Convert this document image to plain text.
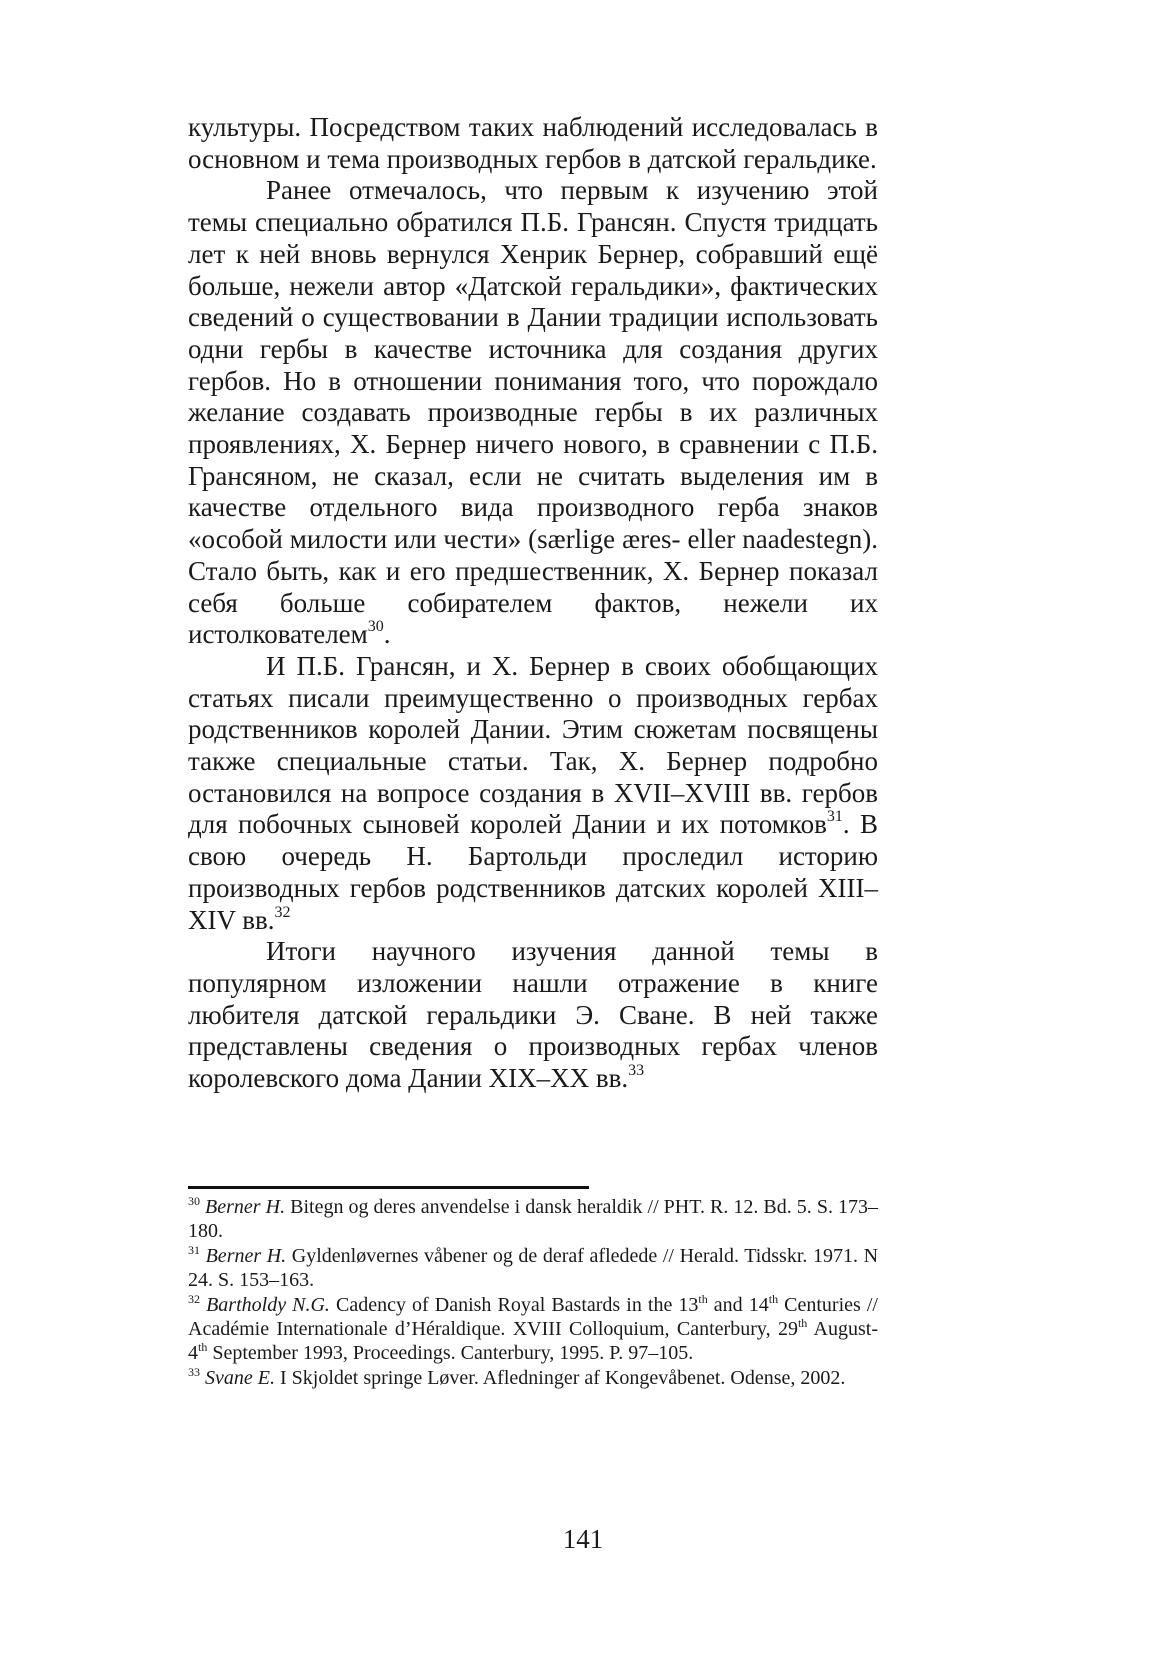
культуры. Посредством таких наблюдений исследовалась в основном и тема производных гербов в датской геральдике.

Ранее отмечалось, что первым к изучению этой темы специально обратился П.Б. Грансян. Спустя тридцать лет к ней вновь вернулся Хенрик Бернер, собравший ещё больше, нежели автор «Датской геральдики», фактических сведений о существовании в Дании традиции использовать одни гербы в качестве источника для создания других гербов. Но в отношении понимания того, что порождало желание создавать производные гербы в их различных проявлениях, Х. Бернер ничего нового, в сравнении с П.Б. Грансяном, не сказал, если не считать выделения им в качестве отдельного вида производного герба знаков «особой милости или чести» (særlige æres- eller naadestegn). Стало быть, как и его предшественник, Х. Бернер показал себя больше собирателем фактов, нежели их истолкователем$^{30}$.

И П.Б. Грансян, и Х. Бернер в своих обобщающих статьях писали преимущественно о производных гербах родственников королей Дании. Этим сюжетам посвящены также специальные статьи. Так, Х. Бернер подробно остановился на вопросе создания в XVII–XVIII вв. гербов для побочных сыновей королей Дании и их потомков$^{31}$. В свою очередь Н. Бартольди проследил историю производных гербов родственников датских королей XIII–XIV вв.$^{32}$

Итоги научного изучения данной темы в популярном изложении нашли отражение в книге любителя датской геральдики Э. Сване. В ней также представлены сведения о производных гербах членов королевского дома Дании XIX–XX вв.$^{33}$

$^{30}$ Berner H. Bitegn og deres anvendelse i dansk heraldik // PHT. R. 12. Bd. 5. S. 173–180.

$^{31}$ Berner H. Gyldenløvernes våbener og de deraf afledede // Herald. Tidsskr. 1971. N 24. S. 153–163.

$^{32}$ Bartholdy N.G. Cadency of Danish Royal Bastards in the 13th and 14th Centuries // Académie Internationale d’Héraldique. XVIII Colloquium, Canterbury, 29th August-4th September 1993, Proceedings. Canterbury, 1995. P. 97–105.

$^{33}$ Svane E. I Skjoldet springe Løver. Afledninger af Kongevåbenet. Odense, 2002.

141
